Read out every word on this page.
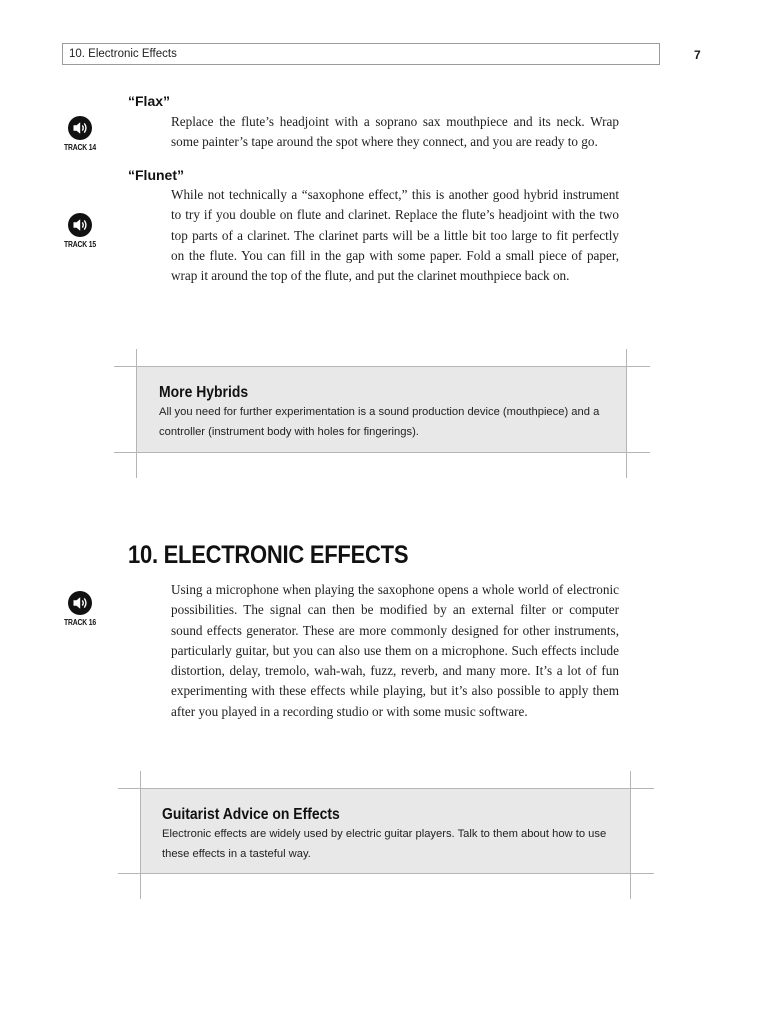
10. Electronic Effects	7
“Flax”
TRACK 14
Replace the flute’s headjoint with a soprano sax mouthpiece and its neck. Wrap some painter’s tape around the spot where they connect, and you are ready to go.
“Flunet”
TRACK 15
While not technically a “saxophone effect,” this is another good hybrid instrument to try if you double on flute and clarinet. Replace the flute’s headjoint with the two top parts of a clarinet. The clarinet parts will be a little bit too large to fit perfectly on the flute. You can fill in the gap with some paper. Fold a small piece of paper, wrap it around the top of the flute, and put the clarinet mouthpiece back on.
More Hybrids
All you need for further experimentation is a sound production device (mouthpiece) and a controller (instrument body with holes for fingerings).
10. ELECTRONIC EFFECTS
TRACK 16
Using a microphone when playing the saxophone opens a whole world of electronic possibilities. The signal can then be modified by an external filter or computer sound effects generator. These are more commonly designed for other instruments, particularly guitar, but you can also use them on a microphone. Such effects include distortion, delay, tremolo, wah-wah, fuzz, reverb, and many more. It’s a lot of fun experimenting with these effects while playing, but it’s also possible to apply them after you played in a recording studio or with some music software.
Guitarist Advice on Effects
Electronic effects are widely used by electric guitar players. Talk to them about how to use these effects in a tasteful way.
